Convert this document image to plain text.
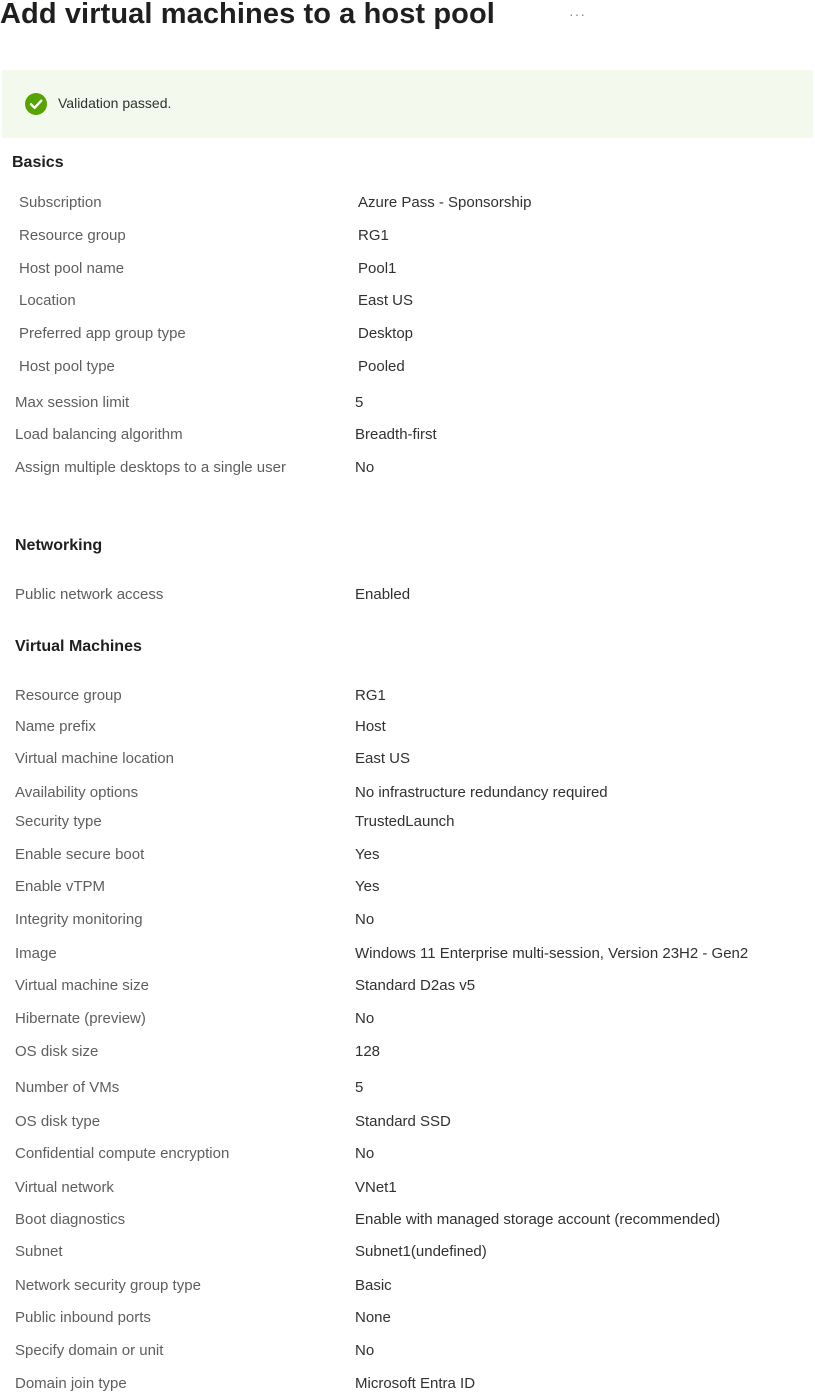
Add virtual machines to a host pool	···
Validation passed.
Basics
Subscription	Azure Pass - Sponsorship
Resource group	RG1
Host pool name	Pool1
Location	East US
Preferred app group type	Desktop
Host pool type	Pooled
Max session limit	5
Load balancing algorithm	Breadth-first
Assign multiple desktops to a single user	No
Networking
Public network access	Enabled
Virtual Machines
Resource group	RG1
Name prefix	Host
Virtual machine location	East US
Availability options	No infrastructure redundancy required
Security type	TrustedLaunch
Enable secure boot	Yes
Enable vTPM	Yes
Integrity monitoring	No
Image	Windows 11 Enterprise multi-session, Version 23H2 - Gen2
Virtual machine size	Standard D2as v5
Hibernate (preview)	No
OS disk size	128
Number of VMs	5
OS disk type	Standard SSD
Confidential compute encryption	No
Virtual network	VNet1
Boot diagnostics	Enable with managed storage account (recommended)
Subnet	Subnet1(undefined)
Network security group type	Basic
Public inbound ports	None
Specify domain or unit	No
Domain join type	Microsoft Entra ID
